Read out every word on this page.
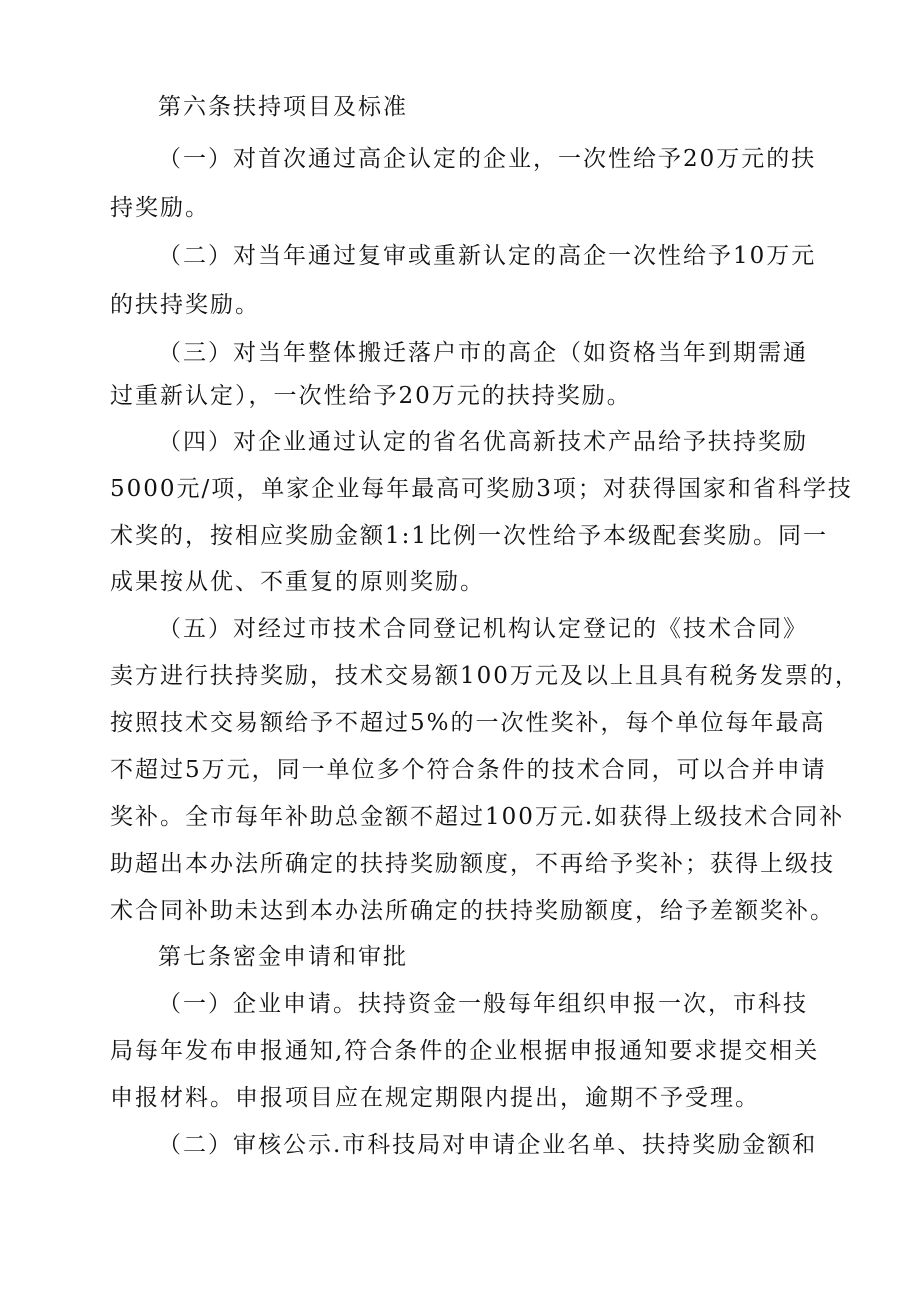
第六条扶持项目及标准

（一）对首次通过高企认定的企业，一次性给予20万元的扶

持奖励。

（二）对当年通过复审或重新认定的高企一次性给予10万元

的扶持奖励。

（三）对当年整体搬迁落户市的高企（如资格当年到期需通

过重新认定），一次性给予20万元的扶持奖励。

（四）对企业通过认定的省名优高新技术产品给予扶持奖励

5000元/项，单家企业每年最高可奖励3项；对获得国家和省科学技

术奖的，按相应奖励金额1:1比例一次性给予本级配套奖励。同一

成果按从优、不重复的原则奖励。

（五）对经过市技术合同登记机构认定登记的《技术合同》

卖方进行扶持奖励，技术交易额100万元及以上且具有税务发票的，

按照技术交易额给予不超过5%的一次性奖补，每个单位每年最高

不超过5万元，同一单位多个符合条件的技术合同，可以合并申请

奖补。全市每年补助总金额不超过100万元.如获得上级技术合同补

助超出本办法所确定的扶持奖励额度，不再给予奖补；获得上级技

术合同补助未达到本办法所确定的扶持奖励额度，给予差额奖补。

第七条密金申请和审批

（一）企业申请。扶持资金一般每年组织申报一次，市科技

局每年发布申报通知,符合条件的企业根据申报通知要求提交相关

申报材料。申报项目应在规定期限内提出，逾期不予受理。

（二）审核公示.市科技局对申请企业名单、扶持奖励金额和
